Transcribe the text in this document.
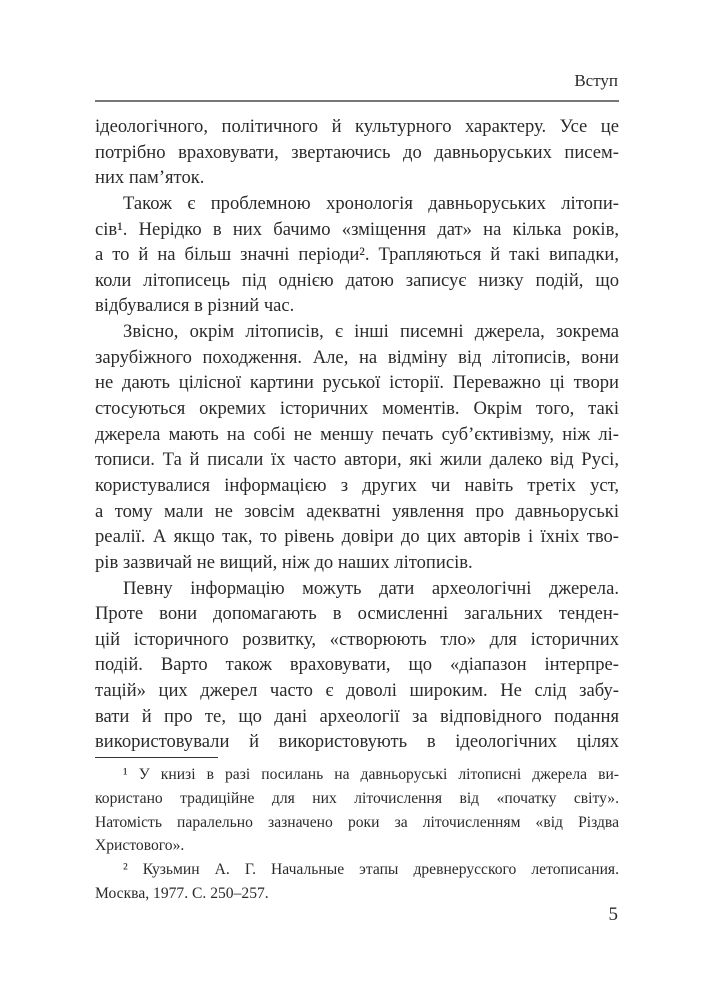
Вступ
ідеологічного, політичного й культурного характеру. Усе це
потрібно враховувати, звертаючись до давньоруських писем-
них пам’яток.
Також є проблемною хронологія давньоруських літопи-
сів¹. Нерідко в них бачимо «зміщення дат» на кілька років,
а то й на більш значні періоди². Трапляються й такі випадки,
коли літописець під однією датою записує низку подій, що
відбувалися в різний час.
Звісно, окрім літописів, є інші писемні джерела, зокрема
зарубіжного походження. Але, на відміну від літописів, вони
не дають цілісної картини руської історії. Переважно ці твори
стосуються окремих історичних моментів. Окрім того, такі
джерела мають на собі не меншу печать суб’єктивізму, ніж лі-
тописи. Та й писали їх часто автори, які жили далеко від Русі,
користувалися інформацією з других чи навіть третіх уст,
а тому мали не зовсім адекватні уявлення про давньоруські
реалії. А якщо так, то рівень довіри до цих авторів і їхніх тво-
рів зазвичай не вищий, ніж до наших літописів.
Певну інформацію можуть дати археологічні джерела.
Проте вони допомагають в осмисленні загальних тенден-
цій історичного розвитку, «створюють тло» для історичних
подій. Варто також враховувати, що «діапазон інтерпре-
тацій» цих джерел часто є доволі широким. Не слід забу-
вати й про те, що дані археології за відповідного подання
використовували й використовують в ідеологічних цілях
¹ У книзі в разі посилань на давньоруські літописні джерела ви-
користано традиційне для них літочислення від «початку світу».
Натомість паралельно зазначено роки за літочисленням «від Різдва
Христового».
² Кузьмин А. Г. Начальные этапы древнерусского летописания.
Москва, 1977. С. 250–257.
5
